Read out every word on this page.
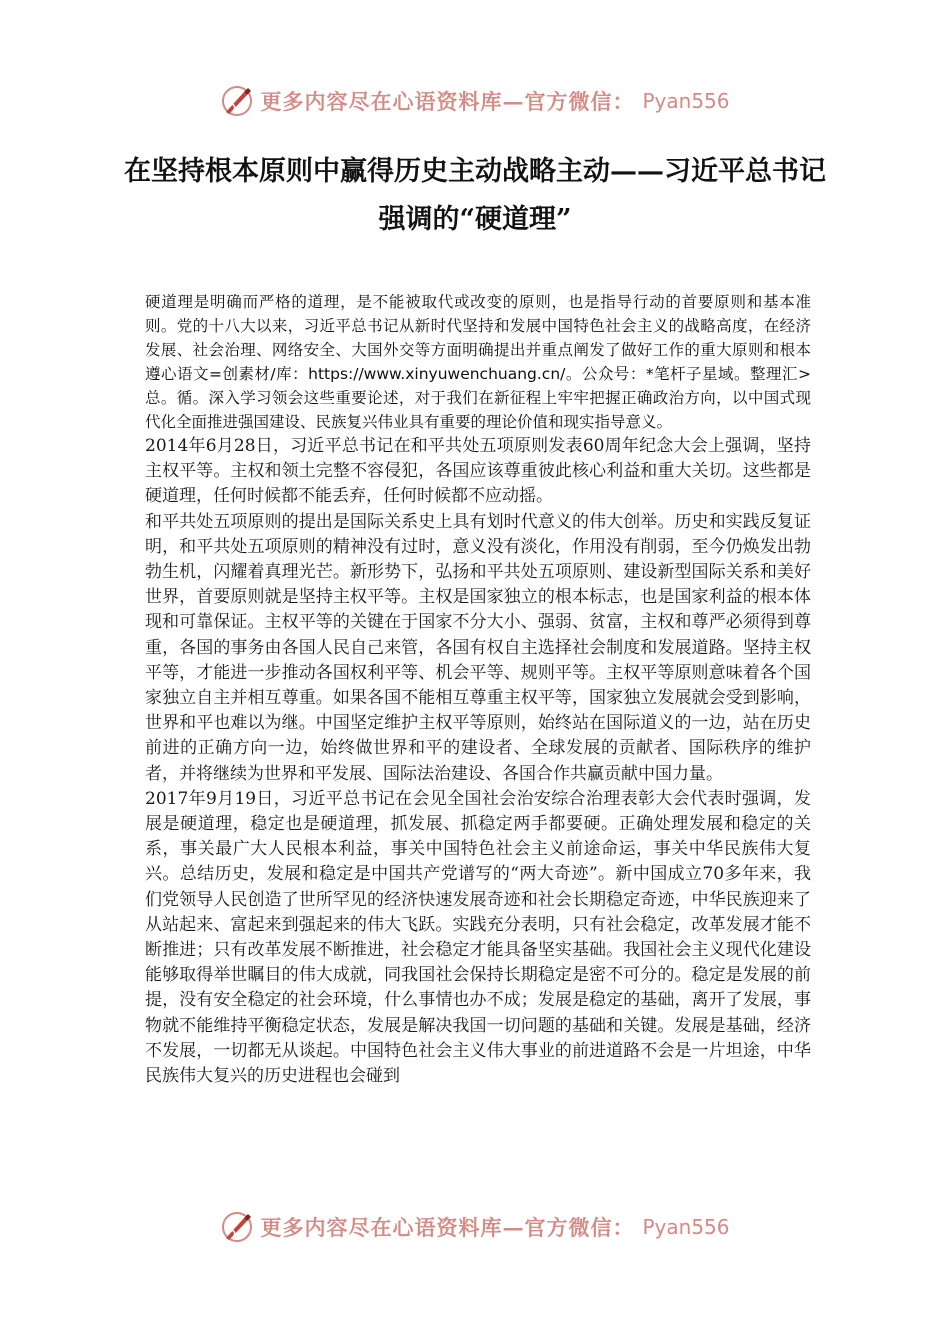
更多内容尽在心语资料库—官方微信： Pyan556
在坚持根本原则中赢得历史主动战略主动——习近平总书记强调的“硬道理”

硬道理是明确而严格的道理，是不能被取代或改变的原则，也是指导行动的首要原则和基本准则。党的十八大以来，习近平总书记从新时代坚持和发展中国特色社会主义的战略高度，在经济发展、社会治理、网络安全、大国外交等方面明确提出并重点阐发了做好工作的重大原则和根本遵心语文=创素材/库：https://www.xinyuwenchuang.cn/。公众号：*笔杆子星域。整理汇>总。循。深入学习领会这些重要论述，对于我们在新征程上牢牢把握正确政治方向，以中国式现代化全面推进强国建设、民族复兴伟业具有重要的理论价值和现实指导意义。

2014年6月28日，习近平总书记在和平共处五项原则发表60周年纪念大会上强调，坚持主权平等。主权和领土完整不容侵犯，各国应该尊重彼此核心利益和重大关切。这些都是硬道理，任何时候都不能丢弃，任何时候都不应动摇。

和平共处五项原则的提出是国际关系史上具有划时代意义的伟大创举。历史和实践反复证明，和平共处五项原则的精神没有过时，意义没有淡化，作用没有削弱，至今仍焕发出勃勃生机，闪耀着真理光芒。新形势下，弘扬和平共处五项原则、建设新型国际关系和美好世界，首要原则就是坚持主权平等。主权是国家独立的根本标志，也是国家利益的根本体现和可靠保证。主权平等的关键在于国家不分大小、强弱、贫富，主权和尊严必须得到尊重，各国的事务由各国人民自己来管，各国有权自主选择社会制度和发展道路。坚持主权平等，才能进一步推动各国权利平等、机会平等、规则平等。主权平等原则意味着各个国家独立自主并相互尊重。如果各国不能相互尊重主权平等，国家独立发展就会受到影响，世界和平也难以为继。中国坚定维护主权平等原则，始终站在国际道义的一边，站在历史前进的正确方向一边，始终做世界和平的建设者、全球发展的贡献者、国际秩序的维护者，并将继续为世界和平发展、国际法治建设、各国合作共赢贡献中国力量。

2017年9月19日，习近平总书记在会见全国社会治安综合治理表彰大会代表时强调，发展是硬道理，稳定也是硬道理，抓发展、抓稳定两手都要硬。正确处理发展和稳定的关系，事关最广大人民根本利益，事关中国特色社会主义前途命运，事关中华民族伟大复兴。总结历史，发展和稳定是中国共产党谱写的“两大奇迹”。新中国成立70多年来，我们党领导人民创造了世所罕见的经济快速发展奇迹和社会长期稳定奇迹，中华民族迎来了从站起来、富起来到强起来的伟大飞跃。实践充分表明，只有社会稳定，改革发展才能不断推进；只有改革发展不断推进，社会稳定才能具备坚实基础。我国社会主义现代化建设能够取得举世瞩目的伟大成就，同我国社会保持长期稳定是密不可分的。稳定是发展的前提，没有安全稳定的社会环境，什么事情也办不成；发展是稳定的基础，离开了发展，事物就不能维持平衡稳定状态，发展是解决我国一切问题的基础和关键。发展是基础，经济不发展，一切都无从谈起。中国特色社会主义伟大事业的前进道路不会是一片坦途，中华民族伟大复兴的历史进程也会碰到

更多内容尽在心语资料库—官方微信： Pyan556
